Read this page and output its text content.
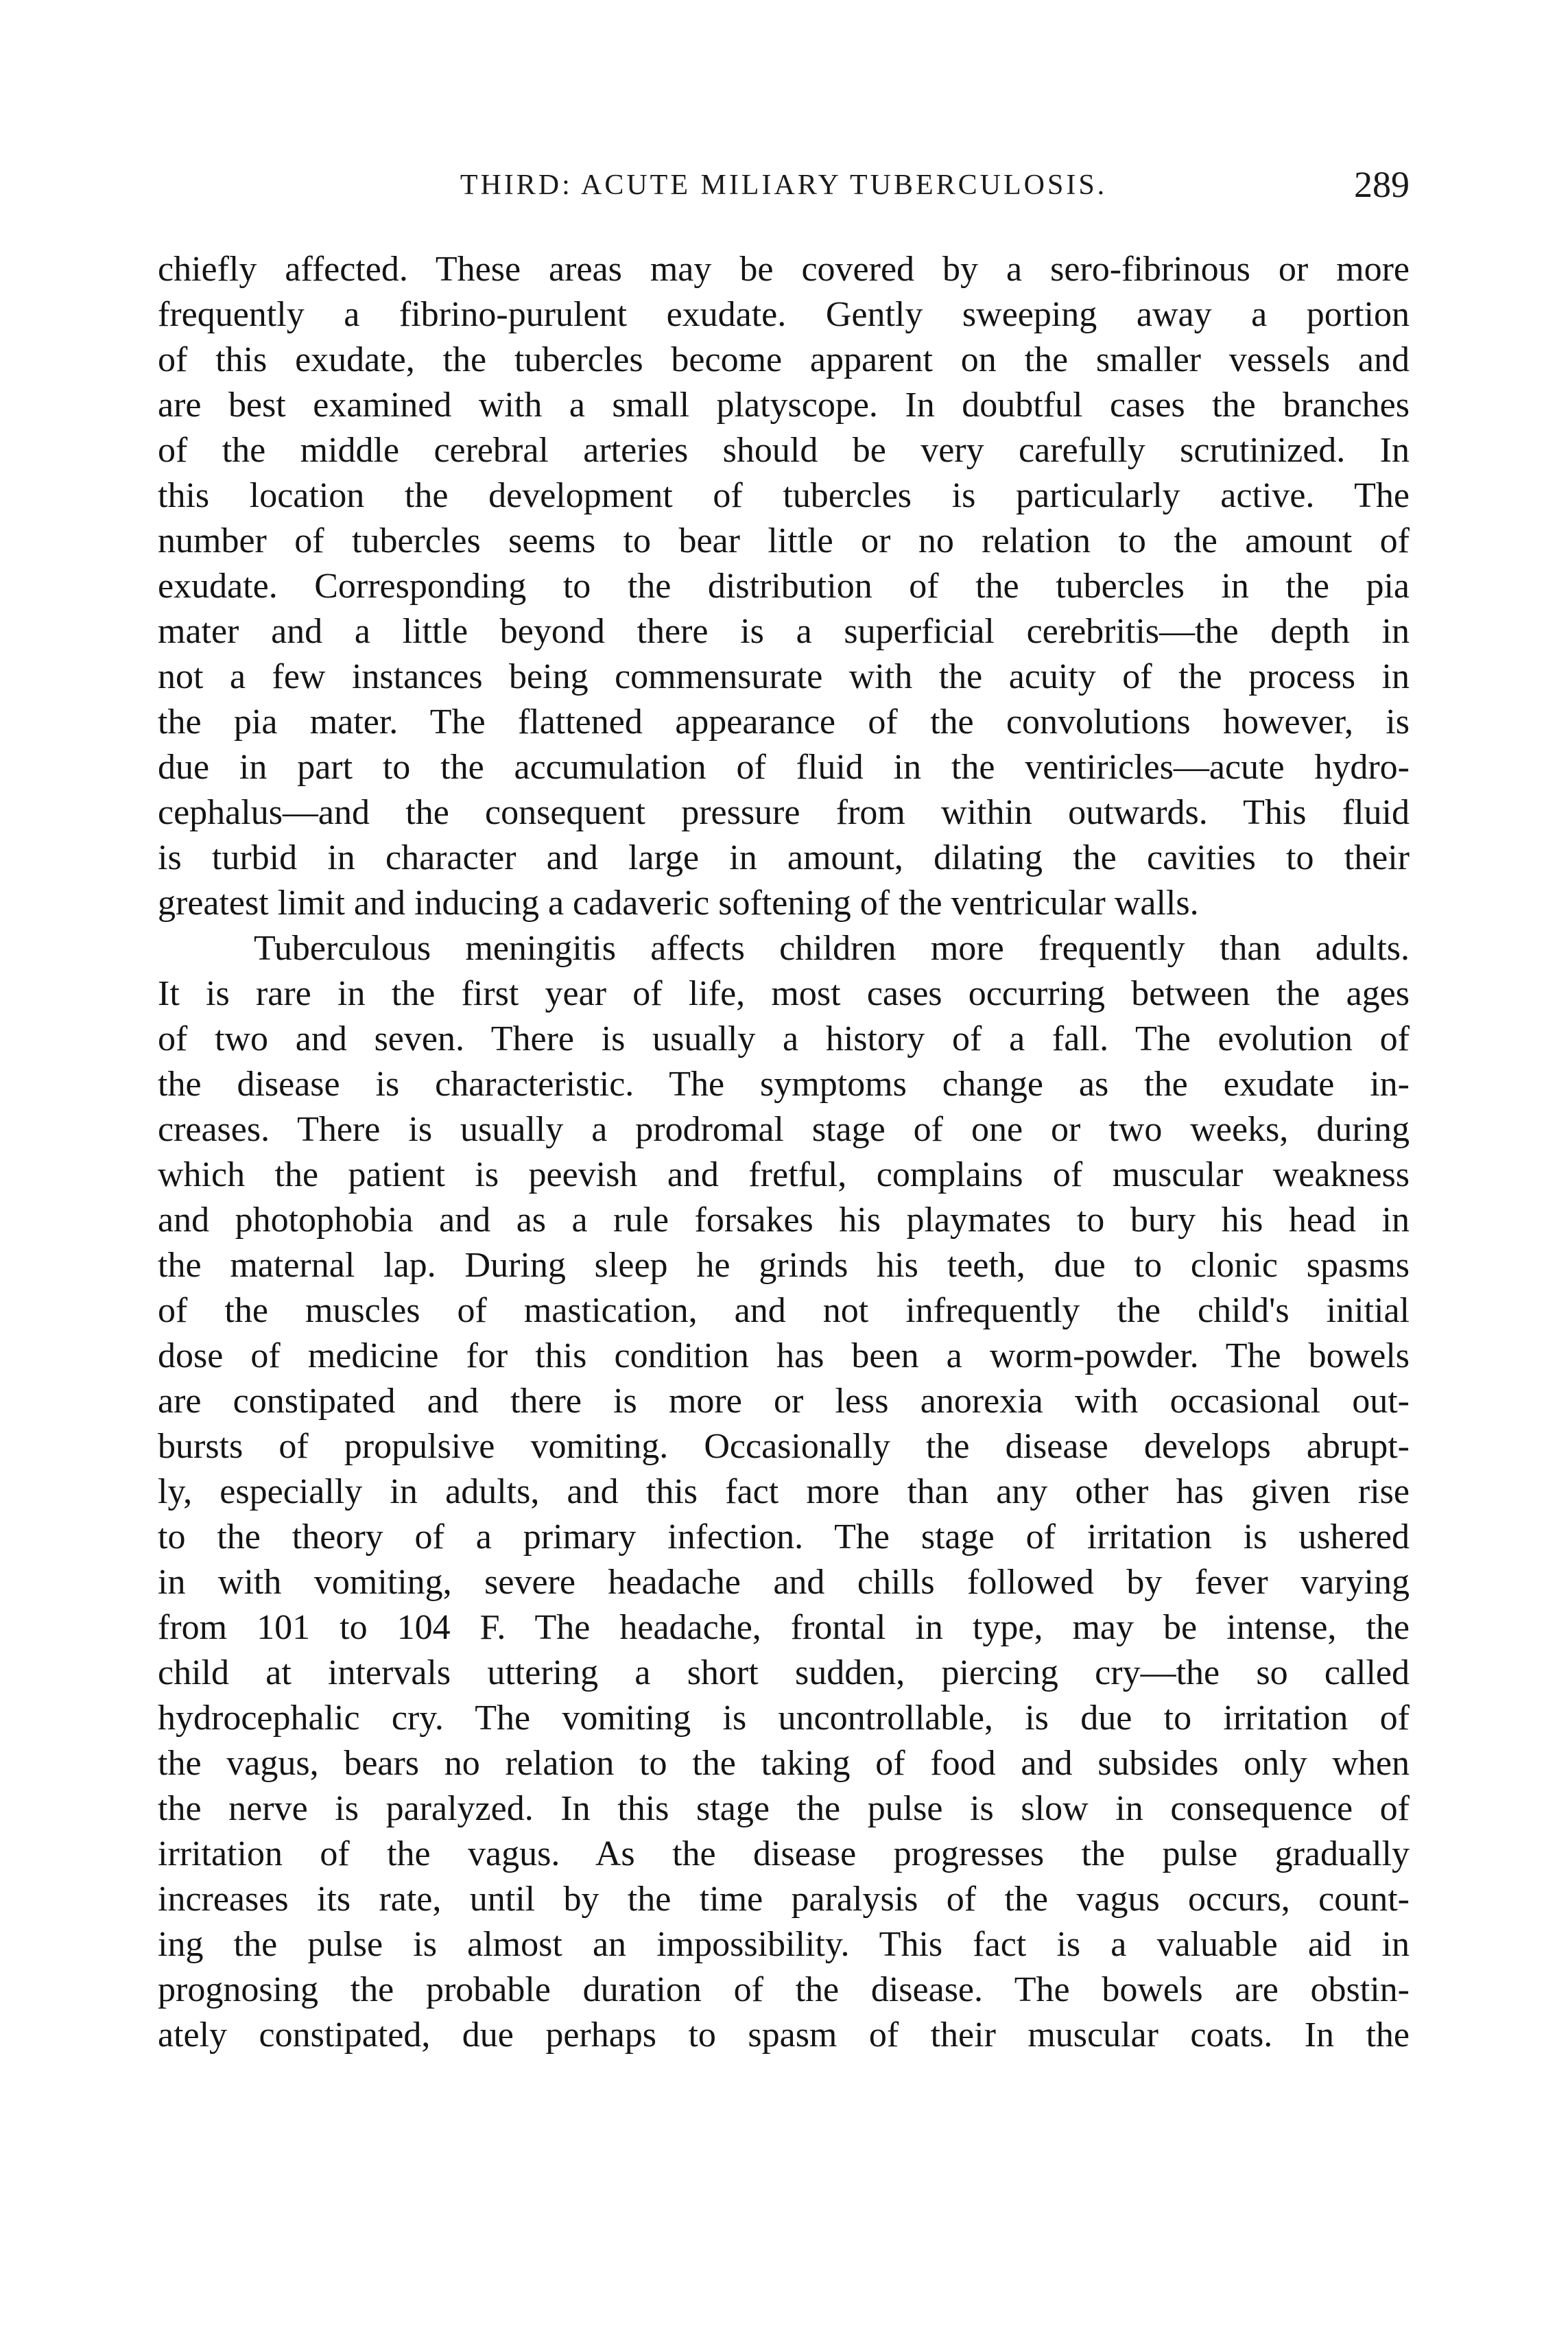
THIRD: ACUTE MILIARY TUBERCULOSIS.	289
chiefly affected. These areas may be covered by a sero-fibrinous or more
frequently a fibrino-purulent exudate. Gently sweeping away a portion
of this exudate, the tubercles become apparent on the smaller vessels and
are best examined with a small platyscope. In doubtful cases the branches
of the middle cerebral arteries should be very carefully scrutinized. In
this location the development of tubercles is particularly active. The
number of tubercles seems to bear little or no relation to the amount of
exudate. Corresponding to the distribution of the tubercles in the pia
mater and a little beyond there is a superficial cerebritis—the depth in
not a few instances being commensurate with the acuity of the process in
the pia mater. The flattened appearance of the convolutions however, is
due in part to the accumulation of fluid in the ventiricles—acute hydro-
cephalus—and the consequent pressure from within outwards. This fluid
is turbid in character and large in amount, dilating the cavities to their
greatest limit and inducing a cadaveric softening of the ventricular walls.
Tuberculous meningitis affects children more frequently than adults.
It is rare in the first year of life, most cases occurring between the ages
of two and seven. There is usually a history of a fall. The evolution of
the disease is characteristic. The symptoms change as the exudate in-
creases. There is usually a prodromal stage of one or two weeks, during
which the patient is peevish and fretful, complains of muscular weakness
and photophobia and as a rule forsakes his playmates to bury his head in
the maternal lap. During sleep he grinds his teeth, due to clonic spasms
of the muscles of mastication, and not infrequently the child's initial
dose of medicine for this condition has been a worm-powder. The bowels
are constipated and there is more or less anorexia with occasional out-
bursts of propulsive vomiting. Occasionally the disease develops abrupt-
ly, especially in adults, and this fact more than any other has given rise
to the theory of a primary infection. The stage of irritation is ushered
in with vomiting, severe headache and chills followed by fever varying
from 101 to 104 F. The headache, frontal in type, may be intense, the
child at intervals uttering a short sudden, piercing cry—the so called
hydrocephalic cry. The vomiting is uncontrollable, is due to irritation of
the vagus, bears no relation to the taking of food and subsides only when
the nerve is paralyzed. In this stage the pulse is slow in consequence of
irritation of the vagus. As the disease progresses the pulse gradually
increases its rate, until by the time paralysis of the vagus occurs, count-
ing the pulse is almost an impossibility. This fact is a valuable aid in
prognosing the probable duration of the disease. The bowels are obstin-
ately constipated, due perhaps to spasm of their muscular coats. In the
